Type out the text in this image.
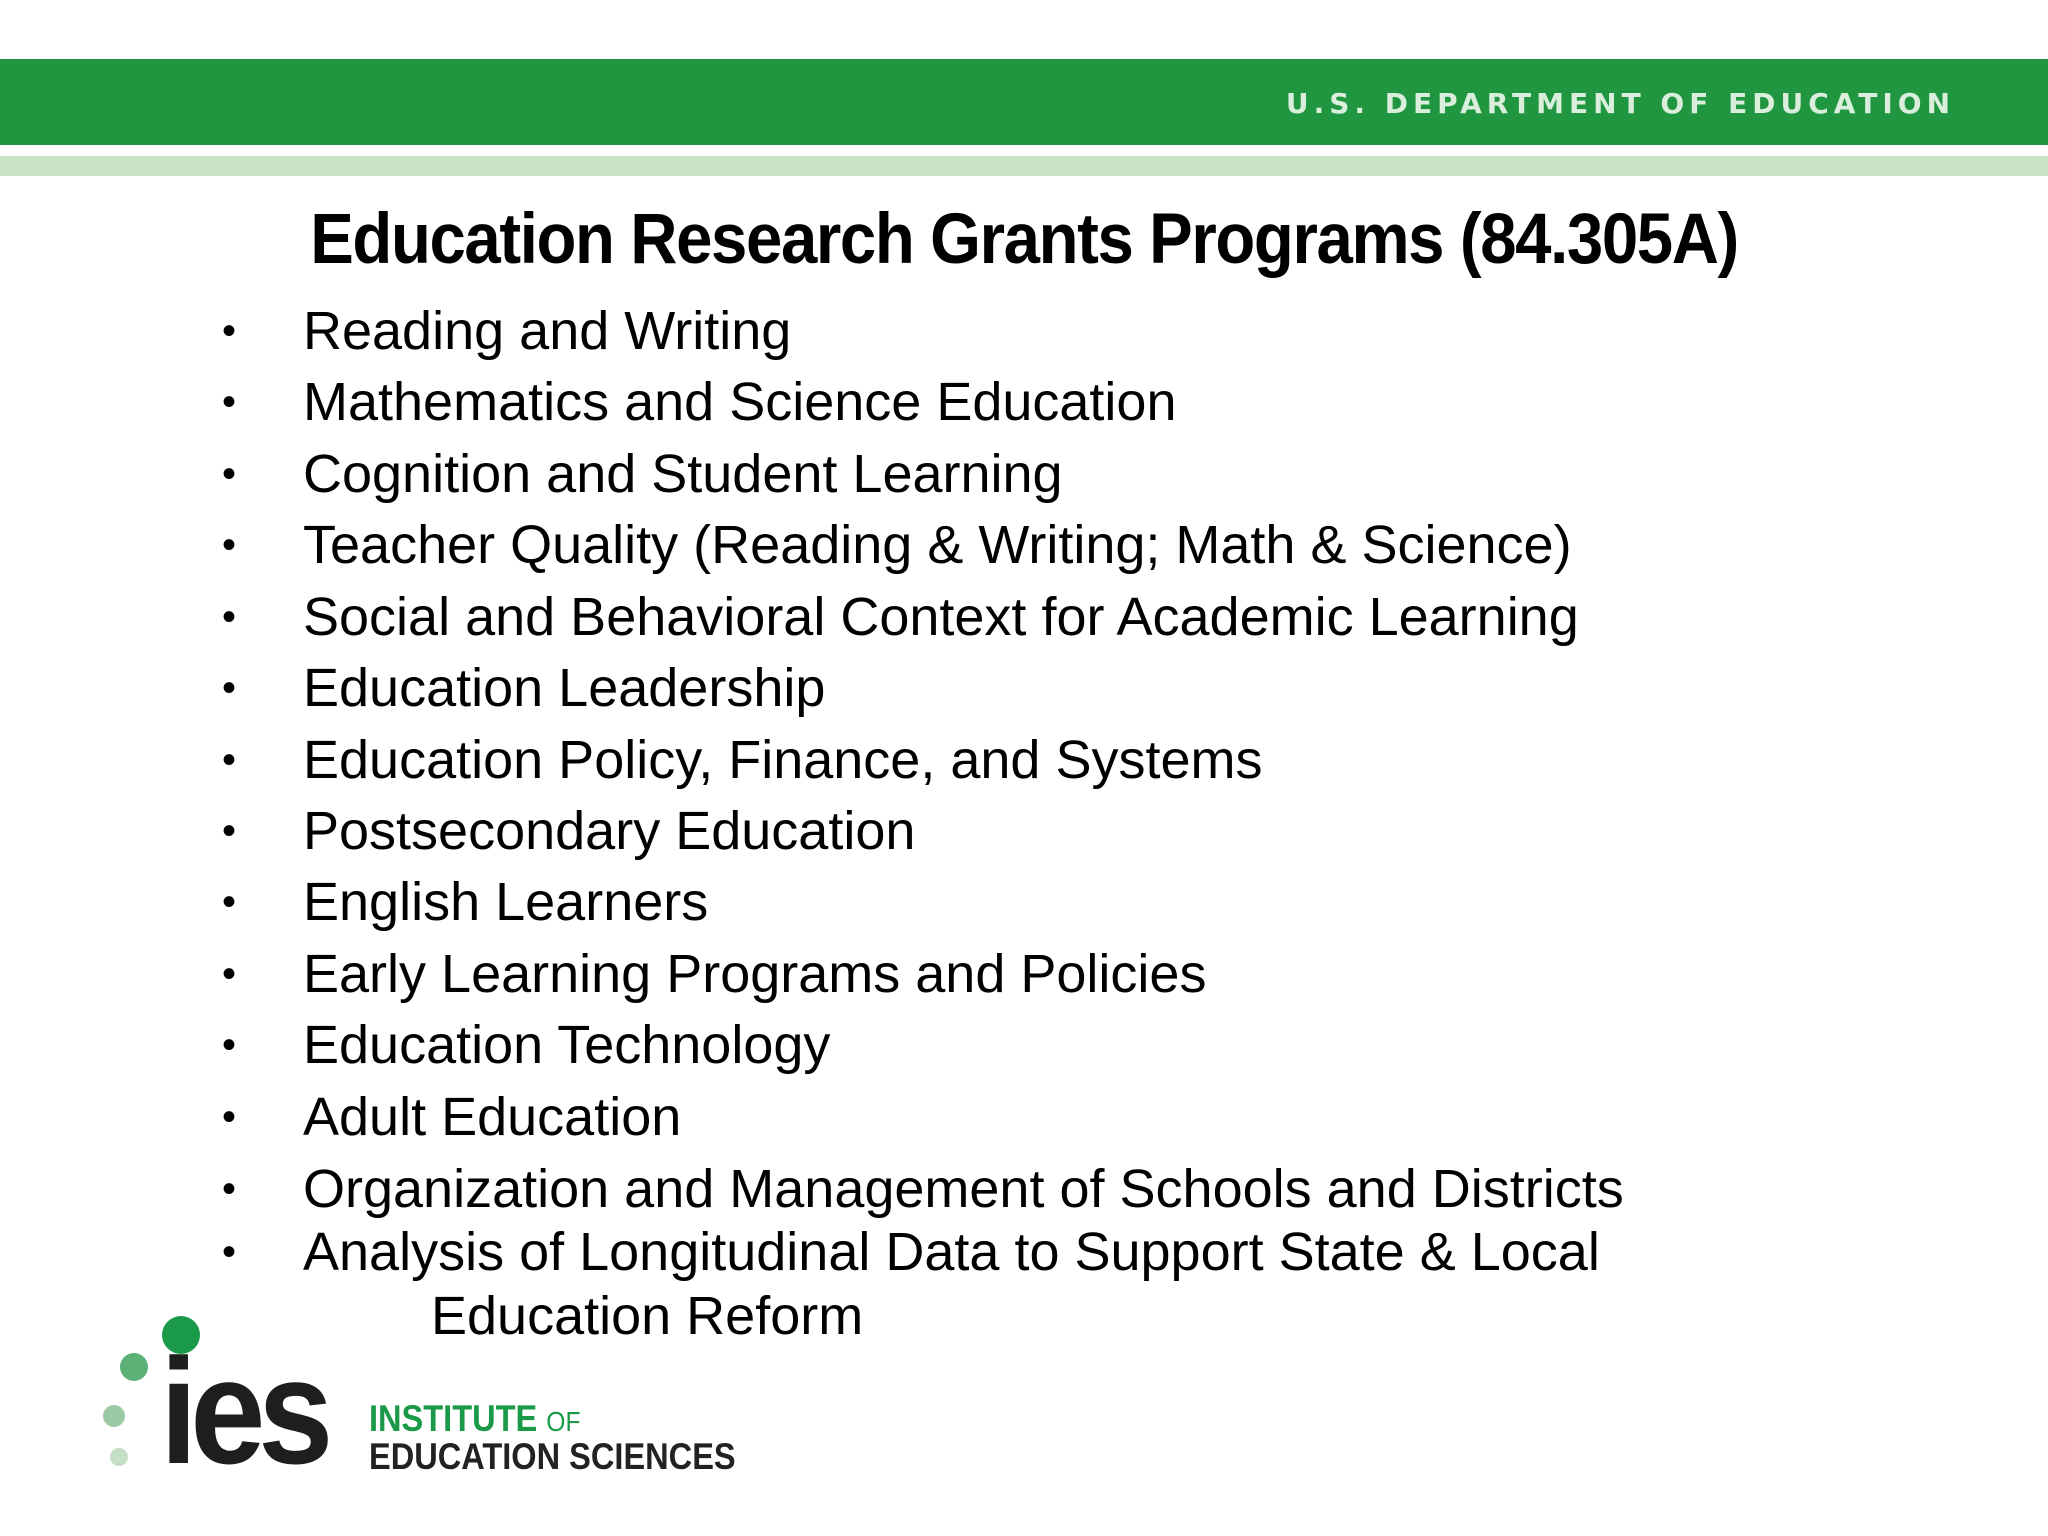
U.S. DEPARTMENT OF EDUCATION
Education Research Grants Programs (84.305A)
• Reading and Writing
• Mathematics and Science Education
• Cognition and Student Learning
• Teacher Quality (Reading & Writing; Math & Science)
• Social and Behavioral Context for Academic Learning
• Education Leadership
• Education Policy, Finance, and Systems
• Postsecondary Education
• English Learners
• Early Learning Programs and Policies
• Education Technology
• Adult Education
• Organization and Management of Schools and Districts
• Analysis of Longitudinal Data to Support State & Local
Education Reform
ies INSTITUTE OF
EDUCATION SCIENCES
